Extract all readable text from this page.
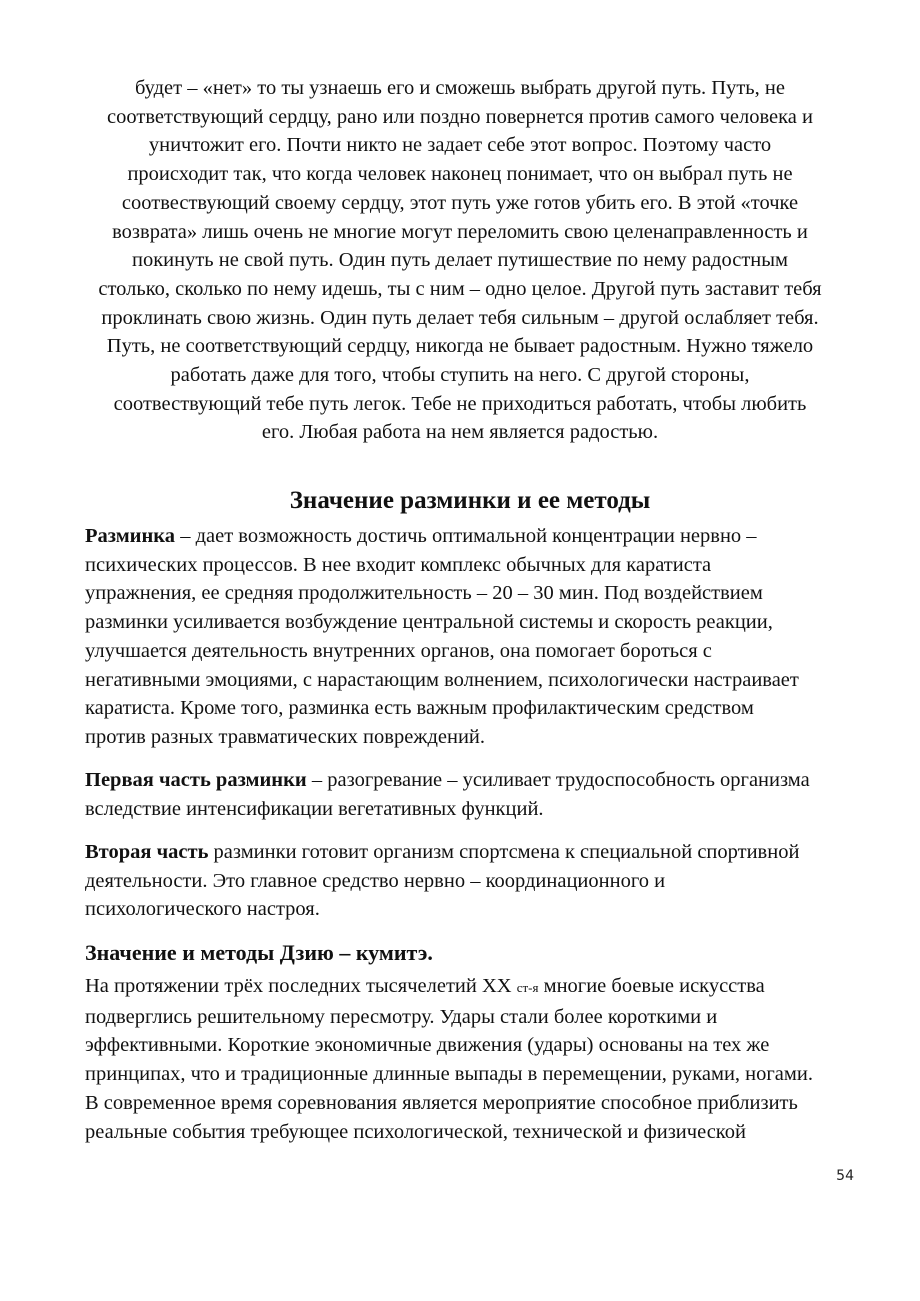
будет – «нет» то ты узнаешь его и сможешь выбрать другой путь. Путь, не
соответствующий сердцу, рано или поздно повернется против самого человека и
уничтожит его. Почти никто не задает себе этот вопрос. Поэтому часто
происходит так, что когда человек наконец понимает, что он выбрал путь не
соотвествующий своему сердцу, этот путь уже готов убить его. В этой «точке
возврата» лишь очень не многие могут переломить свою целенаправленность и
покинуть не свой путь. Один путь делает путишествие по нему радостным
столько, сколько по нему идешь, ты с ним – одно целое. Другой путь заставит тебя
проклинать свою жизнь. Один путь делает тебя сильным – другой ослабляет тебя.
Путь, не соответствующий сердцу, никогда не бывает радостным. Нужно тяжело
работать даже для того, чтобы ступить на него. С другой стороны,
соотвествующий тебе путь легок. Тебе не приходиться работать, чтобы любить
его. Любая работа на нем является радостью.

Значение разминки и ее методы

Разминка – дает возможность достичь оптимальной концентрации нервно –
психических процессов. В нее входит комплекс обычных для каратиста
упражнения, ее средняя продолжительность – 20 – 30 мин. Под воздействием
разминки усиливается возбуждение центральной системы и скорость реакции,
улучшается деятельность внутренних органов, она помогает бороться с
негативными эмоциями, с нарастающим волнением, психологически настраивает
каратиста. Кроме того, разминка есть важным профилактическим средством
против разных травматических повреждений.

Первая часть разминки – разогревание – усиливает трудоспособность организма
вследствие интенсификации вегетативных функций.

Вторая часть разминки готовит организм спортсмена к специальной спортивной
деятельности. Это главное средство нервно – координационного и
психологического настроя.

Значение и методы Дзию – кумитэ.

На протяжении трёх последних тысячелетий XX ст-я многие боевые искусства
подверглись решительному пересмотру. Удары стали более короткими и
эффективными. Короткие экономичные движения (удары) основаны на тех же
принципах, что и традиционные длинные выпады в перемещении, руками, ногами.
В современное время соревнования является мероприятие способное приблизить
реальные события требующее психологической, технической и физической

54
